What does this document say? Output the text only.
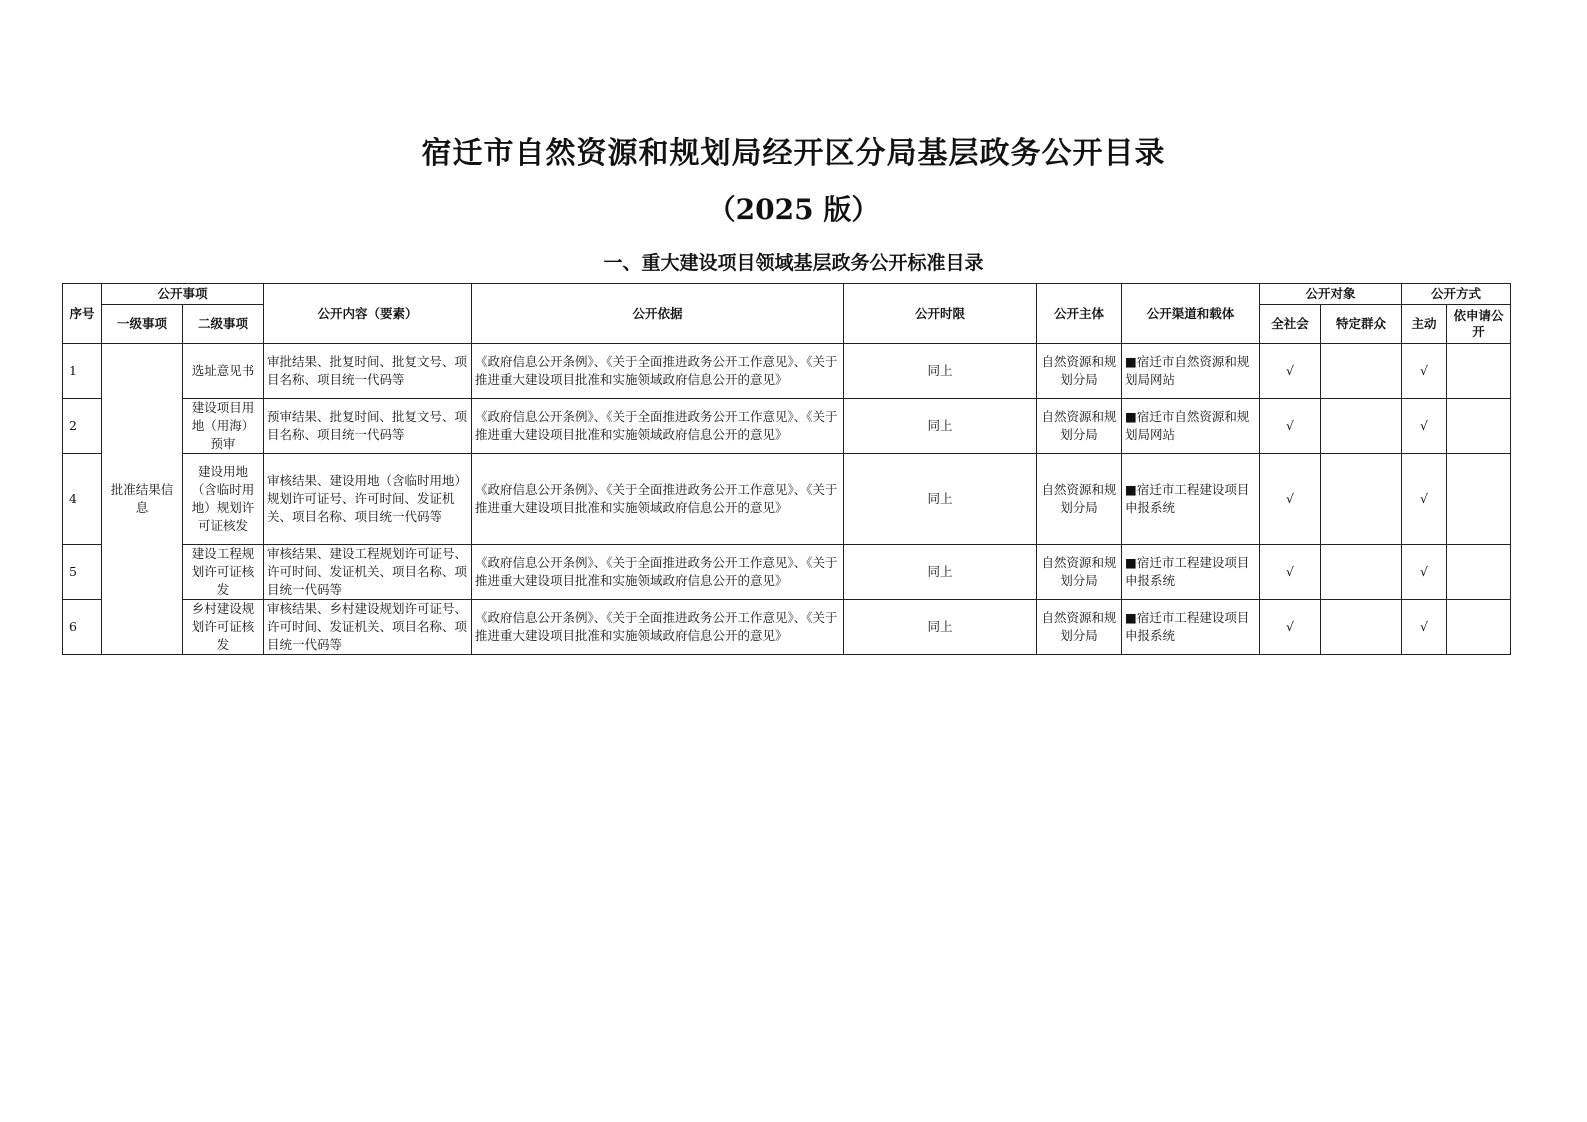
宿迁市自然资源和规划局经开区分局基层政务公开目录
（2025 版）
一、重大建设项目领域基层政务公开标准目录
序号	公开事项		公开内容（要素）	公开依据	公开时限	公开主体	公开渠道和载体	公开对象		公开方式	
	一级事项	二级事项						全社会	特定群众	主动	依申请公开
1	批准结果信息	选址意见书	审批结果、批复时间、批复文号、项目名称、项目统一代码等	《政府信息公开条例》、《关于全面推进政务公开工作意见》、《关于推进重大建设项目批准和实施领域政府信息公开的意见》	同上	自然资源和规划分局	■宿迁市自然资源和规划局网站	√		√	
2		建设项目用地（用海）预审	预审结果、批复时间、批复文号、项目名称、项目统一代码等	《政府信息公开条例》、《关于全面推进政务公开工作意见》、《关于推进重大建设项目批准和实施领域政府信息公开的意见》	同上	自然资源和规划分局	■宿迁市自然资源和规划局网站	√		√	
4		建设用地（含临时用地）规划许可证核发	审核结果、建设用地（含临时用地）规划许可证号、许可时间、发证机关、项目名称、项目统一代码等	《政府信息公开条例》、《关于全面推进政务公开工作意见》、《关于推进重大建设项目批准和实施领域政府信息公开的意见》	同上	自然资源和规划分局	■宿迁市工程建设项目申报系统	√		√	
5		建设工程规划许可证核发	审核结果、建设工程规划许可证号、许可时间、发证机关、项目名称、项目统一代码等	《政府信息公开条例》、《关于全面推进政务公开工作意见》、《关于推进重大建设项目批准和实施领域政府信息公开的意见》	同上	自然资源和规划分局	■宿迁市工程建设项目申报系统	√		√	
6		乡村建设规划许可证核发	审核结果、乡村建设规划许可证号、许可时间、发证机关、项目名称、项目统一代码等	《政府信息公开条例》、《关于全面推进政务公开工作意见》、《关于推进重大建设项目批准和实施领域政府信息公开的意见》	同上	自然资源和规划分局	■宿迁市工程建设项目申报系统	√		√	
